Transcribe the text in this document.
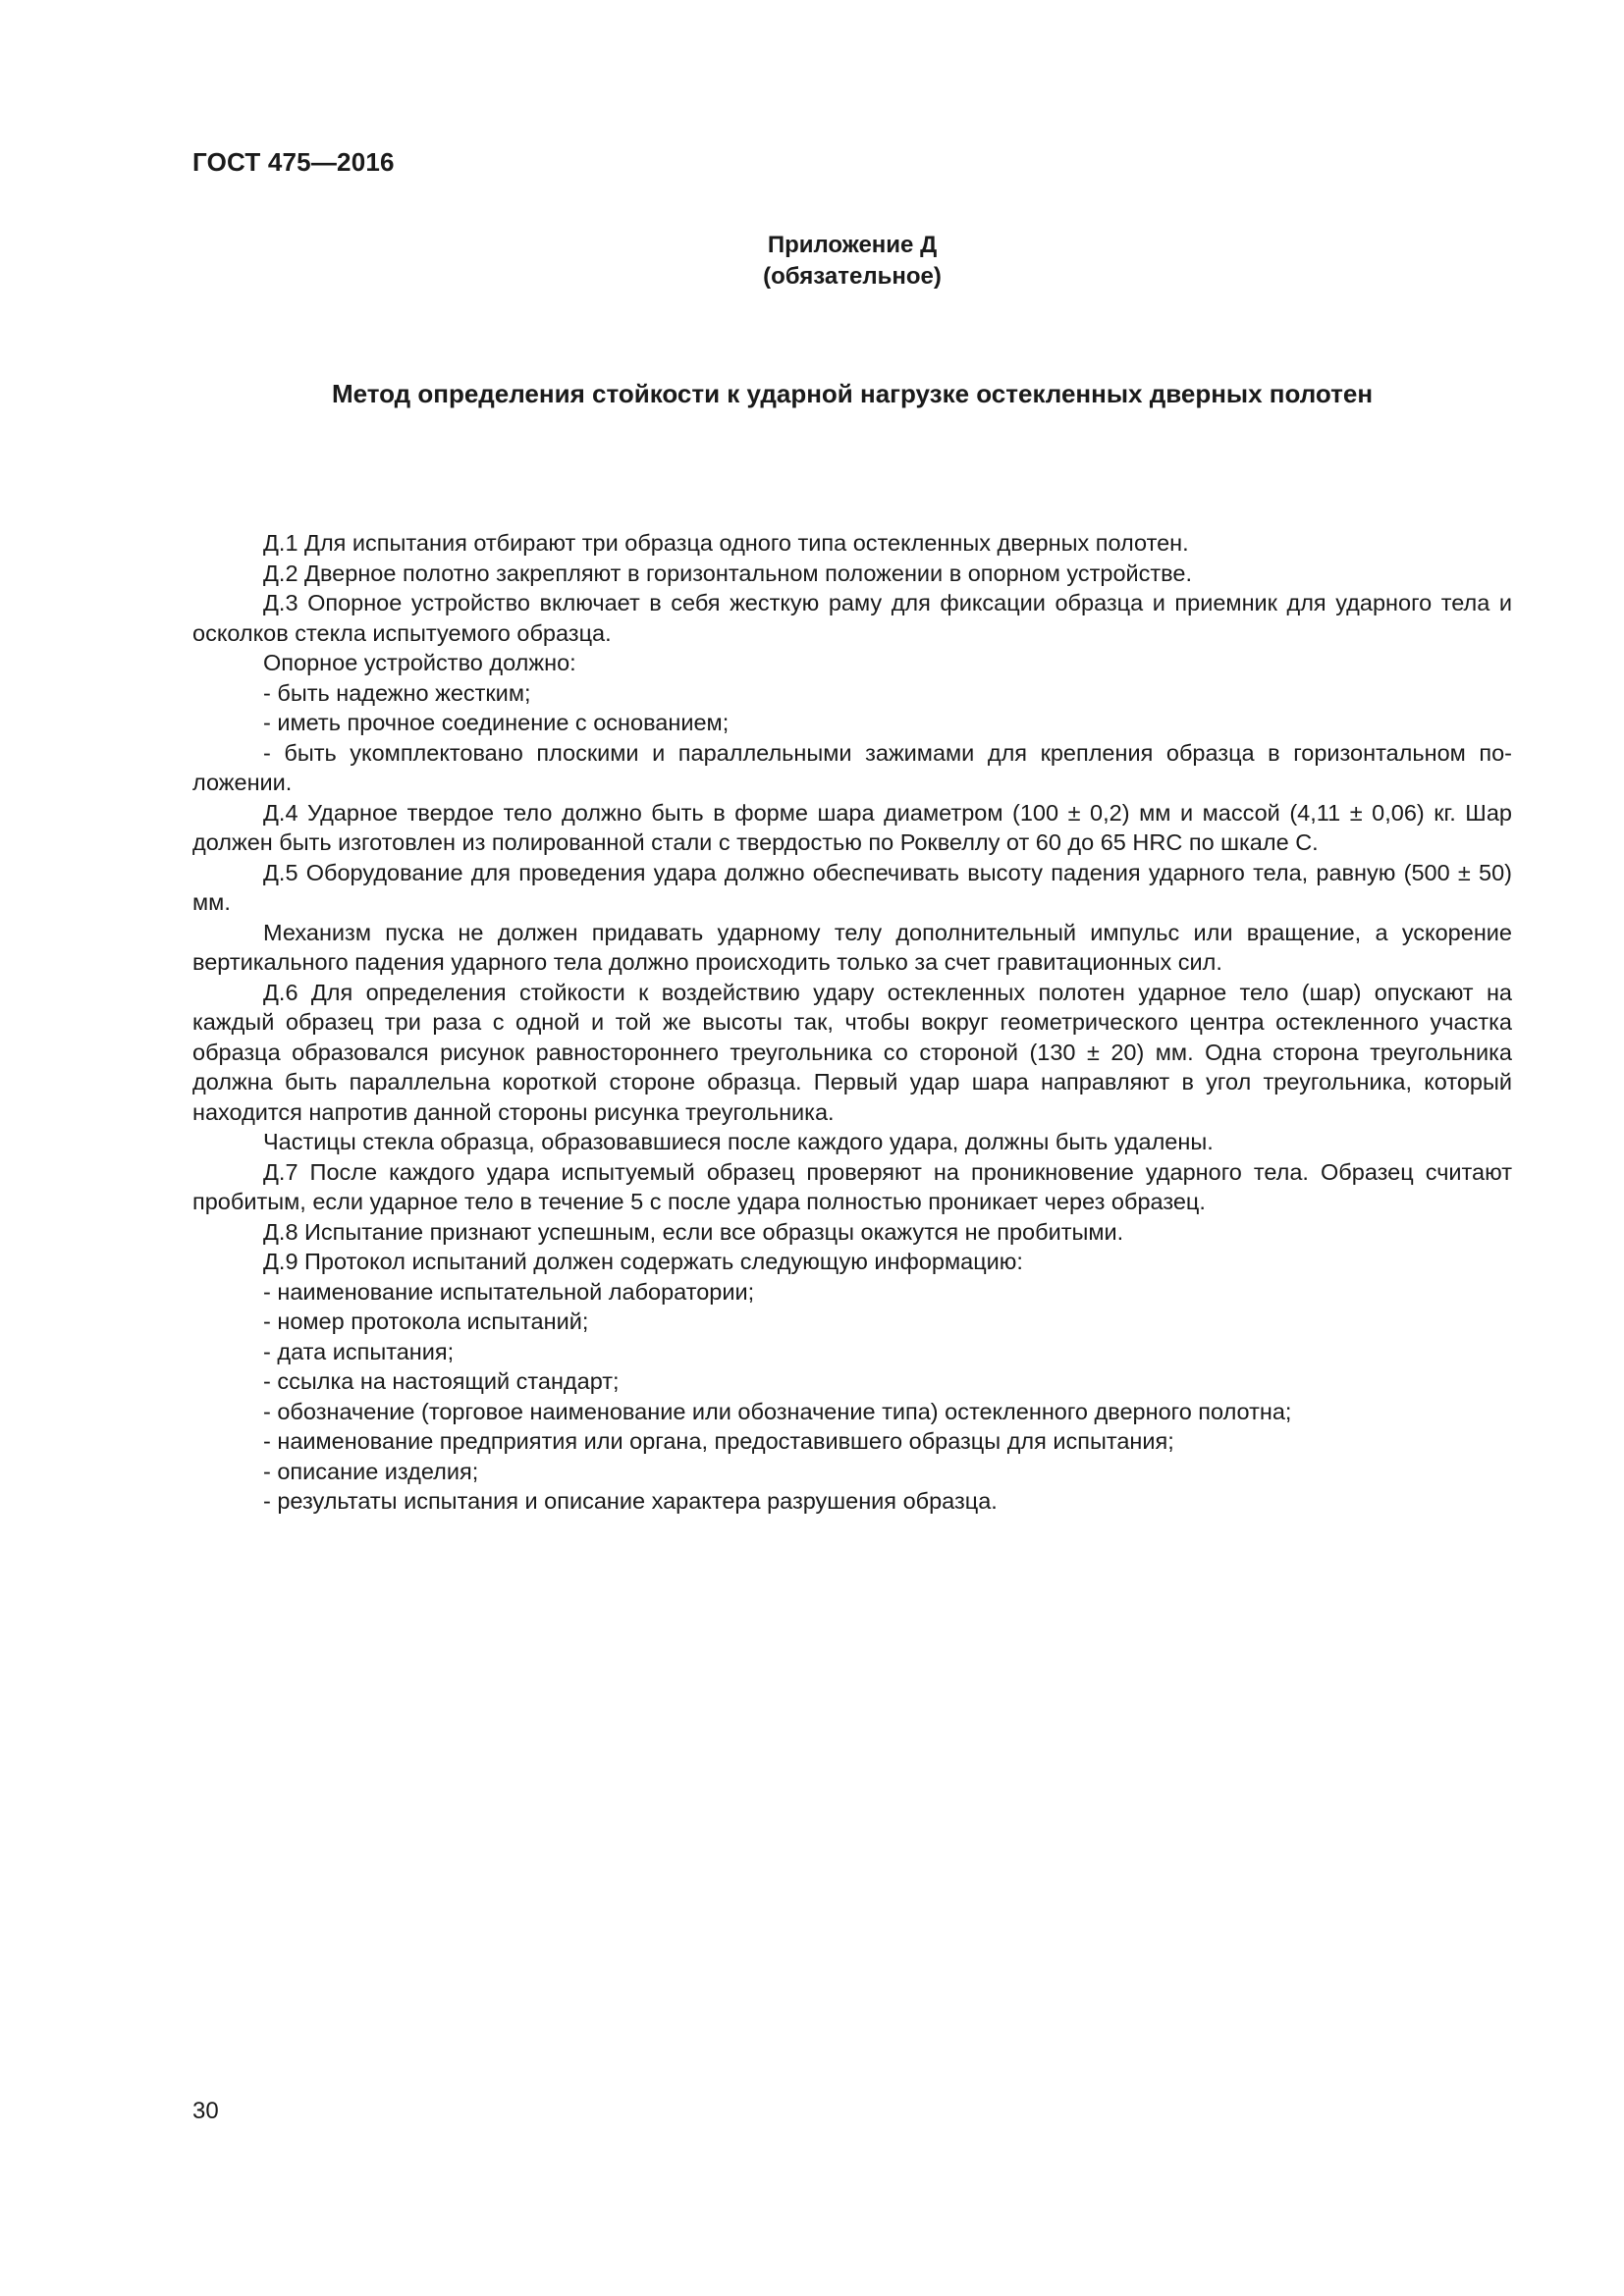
ГОСТ 475—2016
Приложение Д
(обязательное)
Метод определения стойкости к ударной нагрузке остекленных дверных полотен

Д.1 Для испытания отбирают три образца одного типа остекленных дверных полотен.

Д.2 Дверное полотно закрепляют в горизонтальном положении в опорном устройстве.

Д.3 Опорное устройство включает в себя жесткую раму для фиксации образца и приемник для ударного тела и осколков стекла испытуемого образца.

Опорное устройство должно:

- быть надежно жестким;

- иметь прочное соединение с основанием;

- быть укомплектовано плоскими и параллельными зажимами для крепления образца в горизонтальном положении.

Д.4 Ударное твердое тело должно быть в форме шара диаметром (100 ± 0,2) мм и массой (4,11 ± 0,06) кг. Шар должен быть изготовлен из полированной стали с твердостью по Роквеллу от 60 до 65 HRC по шкале С.

Д.5 Оборудование для проведения удара должно обеспечивать высоту падения ударного тела, равную (500 ± 50) мм.

Механизм пуска не должен придавать ударному телу дополнительный импульс или вращение, а ускорение вертикального падения ударного тела должно происходить только за счет гравитационных сил.

Д.6 Для определения стойкости к воздействию удару остекленных полотен ударное тело (шар) опускают на каждый образец три раза с одной и той же высоты так, чтобы вокруг геометрического центра остекленного участка образца образовался рисунок равностороннего треугольника со стороной (130 ± 20) мм. Одна сторона треугольника должна быть параллельна короткой стороне образца. Первый удар шара направляют в угол треугольника, который находится напротив данной стороны рисунка треугольника.

Частицы стекла образца, образовавшиеся после каждого удара, должны быть удалены.

Д.7 После каждого удара испытуемый образец проверяют на проникновение ударного тела. Образец считают пробитым, если ударное тело в течение 5 с после удара полностью проникает через образец.

Д.8 Испытание признают успешным, если все образцы окажутся не пробитыми.

Д.9 Протокол испытаний должен содержать следующую информацию:

- наименование испытательной лаборатории;

- номер протокола испытаний;

- дата испытания;

- ссылка на настоящий стандарт;

- обозначение (торговое наименование или обозначение типа) остекленного дверного полотна;

- наименование предприятия или органа, предоставившего образцы для испытания;

- описание изделия;

- результаты испытания и описание характера разрушения образца.

30
